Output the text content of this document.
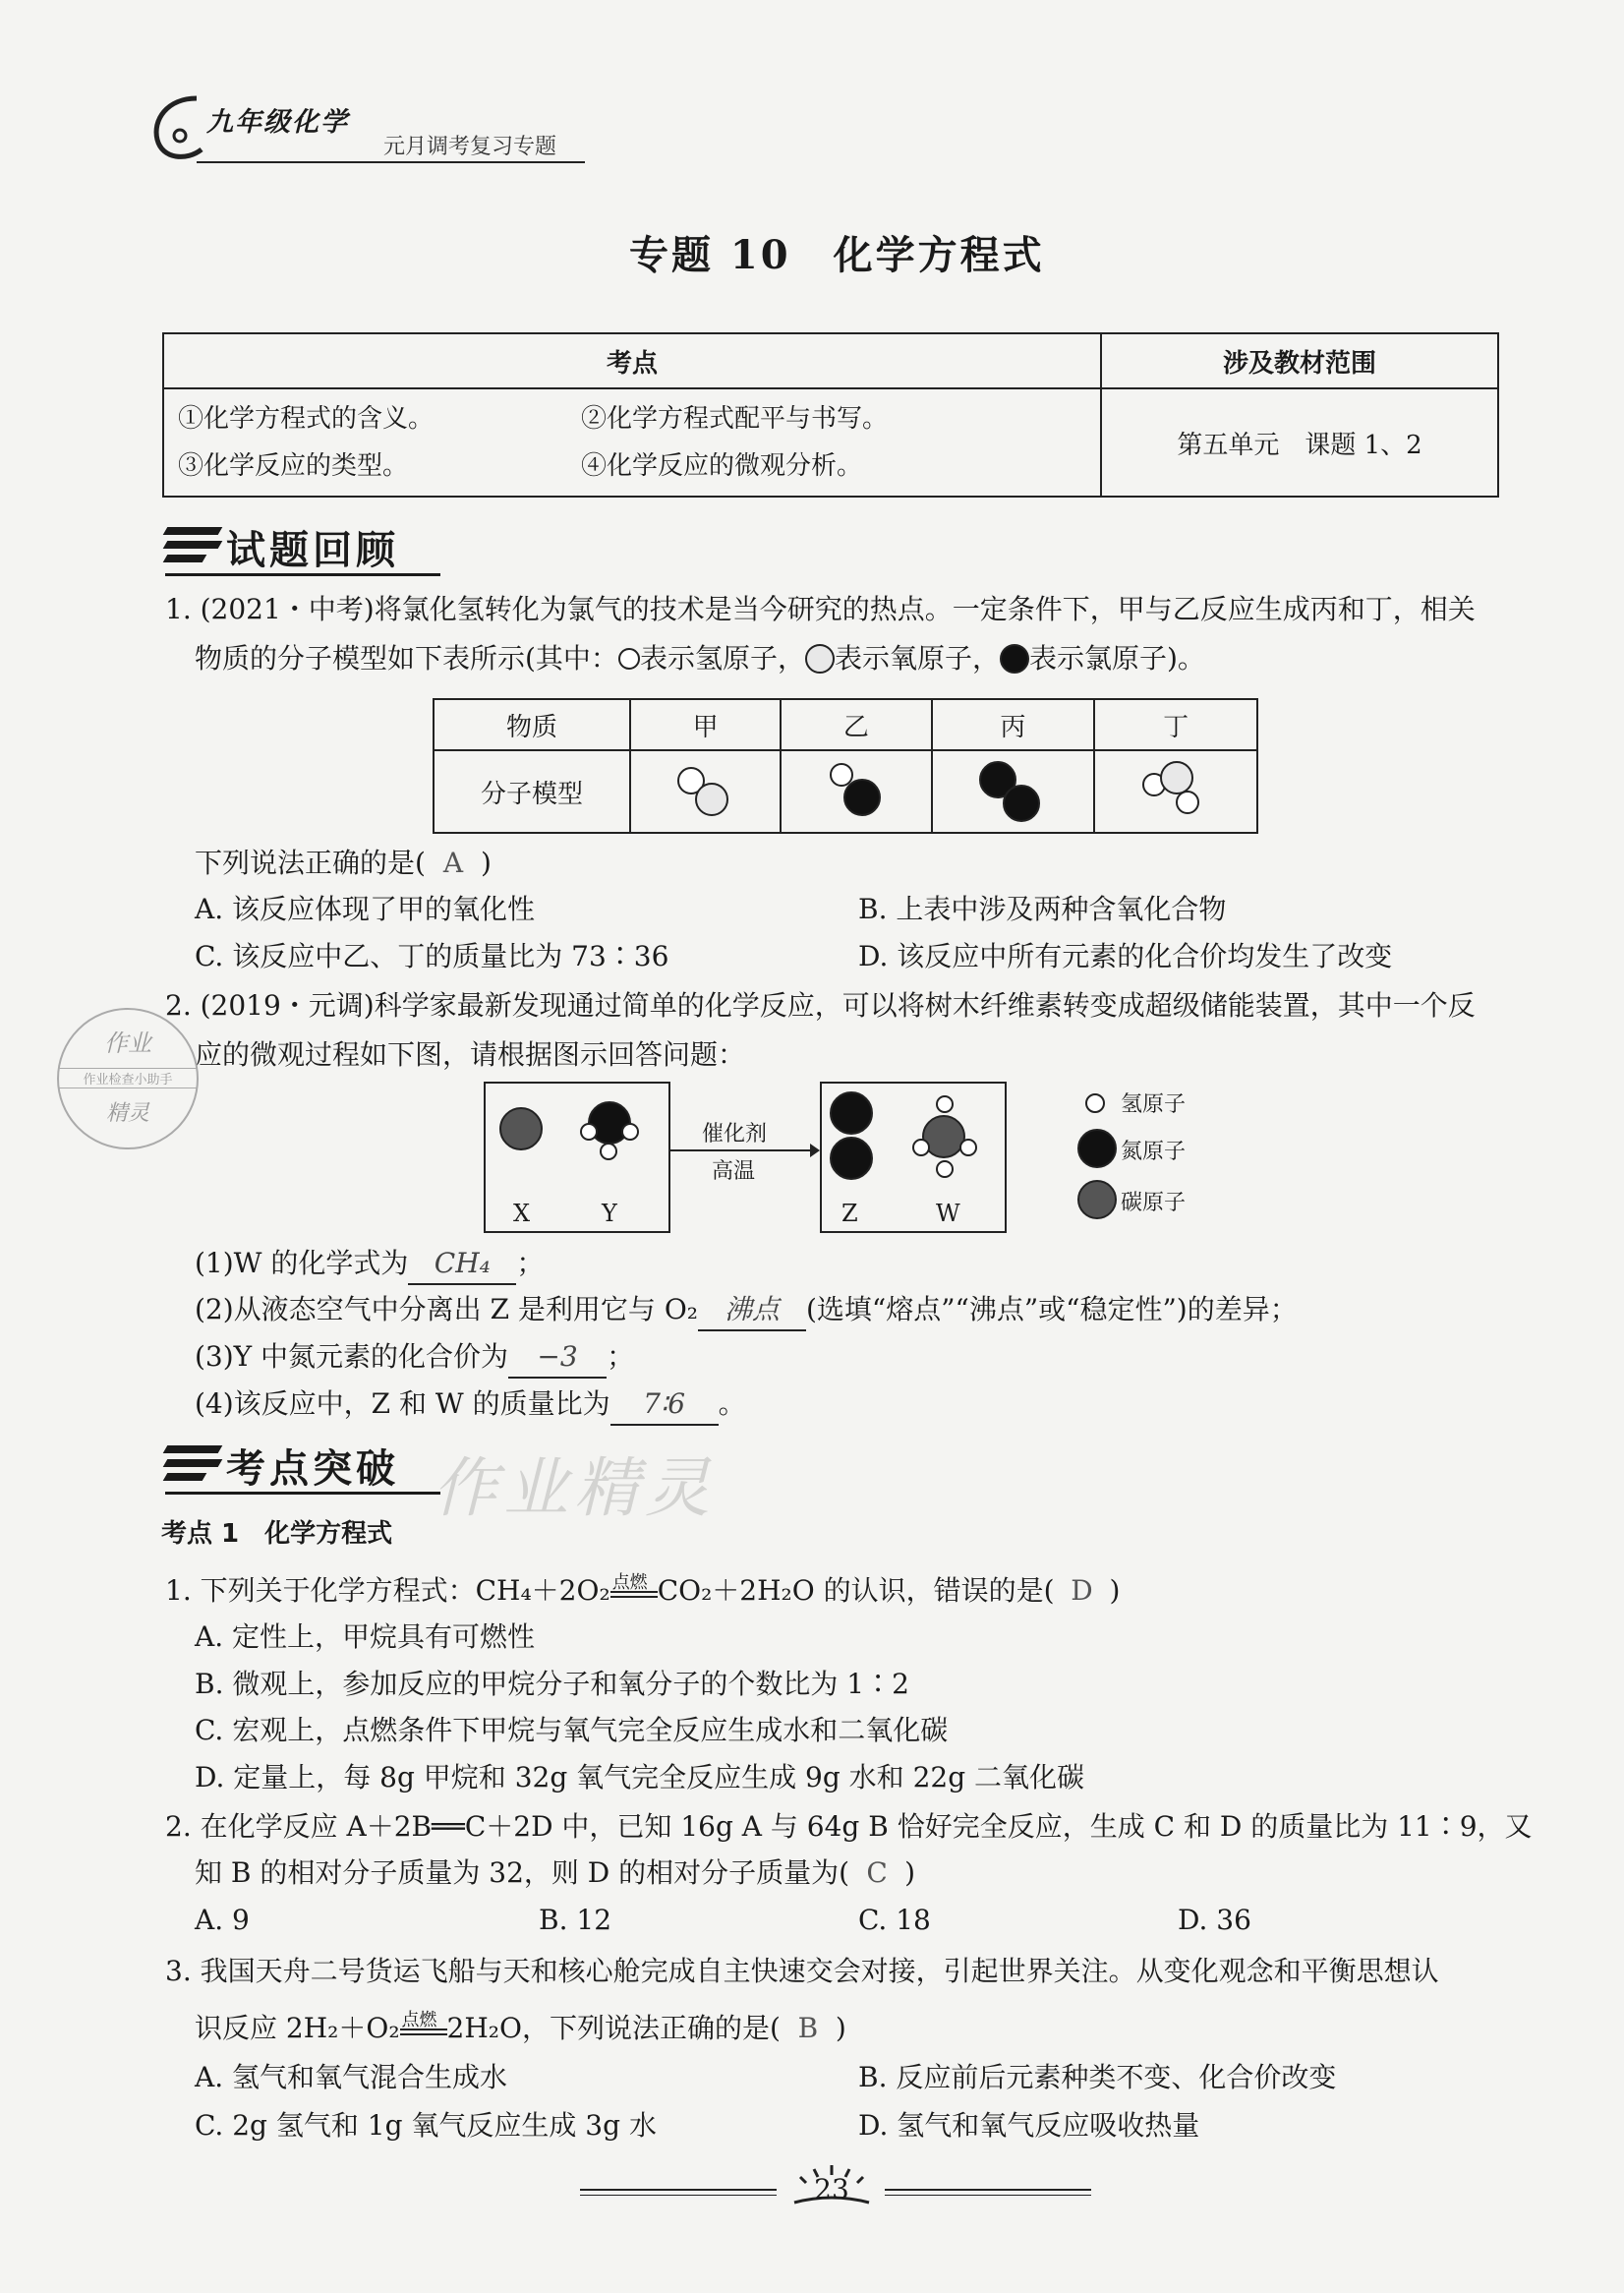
九年级化学
元月调考复习专题
专题 10　化学方程式
考点	涉及教材范围

①化学方程式的含义。 ②化学方程式配平与书写。
③化学反应的类型。 ④化学反应的微观分析。	第五单元　课题 1、2
试题回顾
1. (2021・中考)将氯化氢转化为氯气的技术是当今研究的热点。一定条件下，甲与乙反应生成丙和丁，相关
物质的分子模型如下表所示(其中： 表示氢原子， 表示氧原子， 表示氯原子)。
物质	甲	乙	丙	丁
分子模型	

下列说法正确的是( A )
A. 该反应体现了甲的氧化性	B. 上表中涉及两种含氧化合物
C. 该反应中乙、丁的质量比为 73∶36	D. 该反应中所有元素的化合价均发生了改变
2. (2019・元调)科学家最新发现通过简单的化学反应，可以将树木纤维素转变成超级储能装置，其中一个反
应的微观过程如下图，请根据图示回答问题：
作业
作业检查小助手
精灵
X	Y
催化剂
高温
Z	W
氢原子
氮原子
碳原子
(1)W 的化学式为 CH₄ ；
(2)从液态空气中分离出 Z 是利用它与 O₂ 沸点 (选填“熔点”“沸点”或“稳定性”)的差异；
(3)Y 中氮元素的化合价为 −3 ；
(4)该反应中，Z 和 W 的质量比为 7∶6 。
考点突破 作业精灵
考点 1　化学方程式
1. 下列关于化学方程式：CH₄＋2O₂ 点燃 CO₂＋2H₂O 的认识，错误的是( D )
A. 定性上，甲烷具有可燃性
B. 微观上，参加反应的甲烷分子和氧分子的个数比为 1∶2
C. 宏观上，点燃条件下甲烷与氧气完全反应生成水和二氧化碳
D. 定量上，每 8g 甲烷和 32g 氧气完全反应生成 9g 水和 22g 二氧化碳
2. 在化学反应 A＋2B══C＋2D 中，已知 16g A 与 64g B 恰好完全反应，生成 C 和 D 的质量比为 11∶9，又
知 B 的相对分子质量为 32，则 D 的相对分子质量为( C )
A. 9	B. 12	C. 18	D. 36
3. 我国天舟二号货运飞船与天和核心舱完成自主快速交会对接，引起世界关注。从变化观念和平衡思想认
识反应 2H₂＋O₂ 点燃 2H₂O，下列说法正确的是( B )
A. 氢气和氧气混合生成水	B. 反应前后元素种类不变、化合价改变
C. 2g 氢气和 1g 氧气反应生成 3g 水	D. 氢气和氧气反应吸收热量
23
